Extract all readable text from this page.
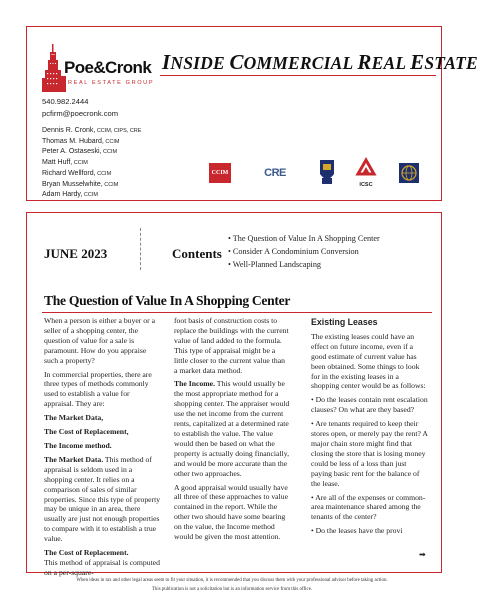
Poe&Cronk
REAL ESTATE GROUP
INSIDE COMMERCIAL REAL ESTATE
540.982.2444
pcfirm@poecronk.com
Dennis R. Cronk, CCIM, CIPS, CRE
Thomas M. Hubard, CCIM
Peter A. Ostaseski, CCIM
Matt Huff, CCIM
Richard Wellford, CCIM
Bryan Musselwhite, CCIM
Adam Hardy, CCIM
CCIM	CRE
ICSC
JUNE 2023	Contents
• The Question of Value In A Shopping Center
• Consider A Condominium Conversion
• Well-Planned Landscaping
The Question of Value In A Shopping Center

When a person is either a buyer or a seller of a shopping center, the question of value for a sale is paramount. How do you appraise such a property?

In commercial properties, there are three types of methods commonly used to establish a value for appraisal. They are:

The Market Data,

The Cost of Replacement,

The Income method.

The Market Data. This method of appraisal is seldom used in a shopping center. It relies on a comparison of sales of similar properties. Since this type of property may be unique in an area, there usually are just not enough properties to compare with it to establish a true value.

The Cost of Replacement.

This method of appraisal is computed on a per-square-

foot basis of construction costs to replace the buildings with the current value of land added to the formula. This type of appraisal might be a little closer to the current value than a market data method.

The Income. This would usually be the most appropriate method for a shopping center. The appraiser would use the net income from the current rents, capitalized at a determined rate to establish the value. The value would then be based on what the property is actually doing financially, and would be more accurate than the other two approaches.

A good appraisal would usually have all three of these approaches to value contained in the report. While the other two should have some bearing on the value, the Income method would be given the most attention.

Existing Leases

The existing leases could have an effect on future income, even if a good estimate of current value has been obtained. Some things to look for in the existing leases in a shopping center would be as follows:

• Do the leases contain rent escalation clauses? On what are they based?

• Are tenants required to keep their stores open, or merely pay the rent? A major chain store might find that closing the store that is losing money could be less of a loss than just paying basic rent for the balance of the lease.

• Are all of the expenses or common-area maintenance shared among the tenants of the center?

• Do the leases have the provi

➡
When ideas in tax and other legal areas seem to fit your situation, it is recommended that you discuss them with your professional advisor before taking action.
This publication is not a solicitation but is an information service from this office.
